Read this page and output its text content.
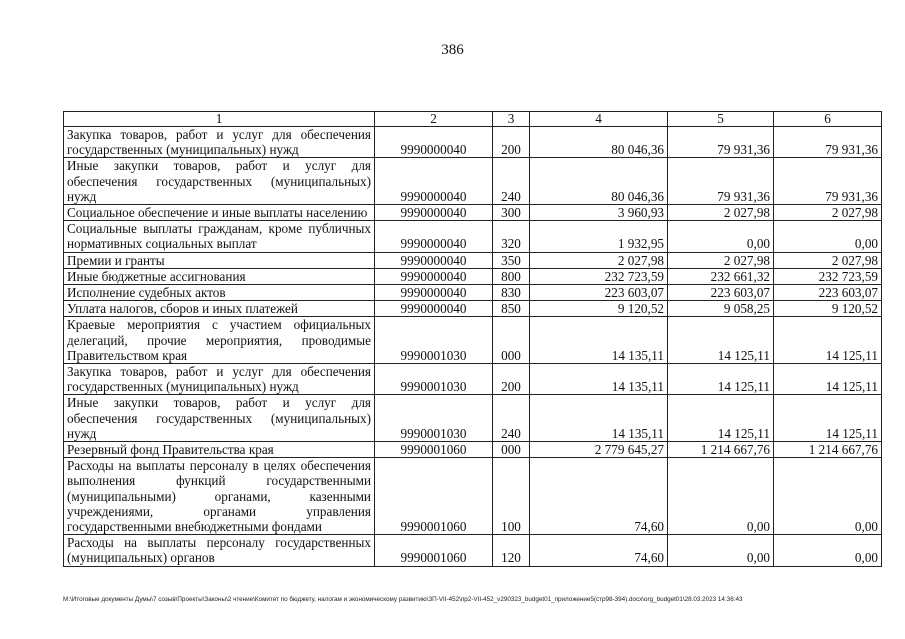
386
1	2	3	4	5	6
Закупка товаров, работ и услуг для обеспечения государственных (муниципальных) нужд	9990000040	200	80 046,36	79 931,36	79 931,36
Иные закупки товаров, работ и услуг для обеспечения государственных (муниципальных) нужд	9990000040	240	80 046,36	79 931,36	79 931,36
Социальное обеспечение и иные выплаты населению	9990000040	300	3 960,93	2 027,98	2 027,98
Социальные выплаты гражданам, кроме публичных нормативных социальных выплат	9990000040	320	1 932,95	0,00	0,00
Премии и гранты	9990000040	350	2 027,98	2 027,98	2 027,98
Иные бюджетные ассигнования	9990000040	800	232 723,59	232 661,32	232 723,59
Исполнение судебных актов	9990000040	830	223 603,07	223 603,07	223 603,07
Уплата налогов, сборов и иных платежей	9990000040	850	9 120,52	9 058,25	9 120,52
Краевые мероприятия с участием официальных делегаций, прочие мероприятия, проводимые Правительством края	9990001030	000	14 135,11	14 125,11	14 125,11
Закупка товаров, работ и услуг для обеспечения государственных (муниципальных) нужд	9990001030	200	14 135,11	14 125,11	14 125,11
Иные закупки товаров, работ и услуг для обеспечения государственных (муниципальных) нужд	9990001030	240	14 135,11	14 125,11	14 125,11
Резервный фонд Правительства края	9990001060	000	2 779 645,27	1 214 667,76	1 214 667,76
Расходы на выплаты персоналу в целях обеспечения выполнения функций государственными (муниципальными) органами, казенными учреждениями, органами управления государственными внебюджетными фондами	9990001060	100	74,60	0,00	0,00
Расходы на выплаты персоналу государственных (муниципальных) органов	9990001060	120	74,60	0,00	0,00
M:\Итоговые документы Думы\7 созыв\Проекты\Законы\2 чтение\Комитет по бюджету, налогам и экономическому развитию\ЗП-VII-452\пр2-VII-452_v290323_budget01_приложение5(стр98-394).docx\org_budget01\28.03.2023 14:36:43
